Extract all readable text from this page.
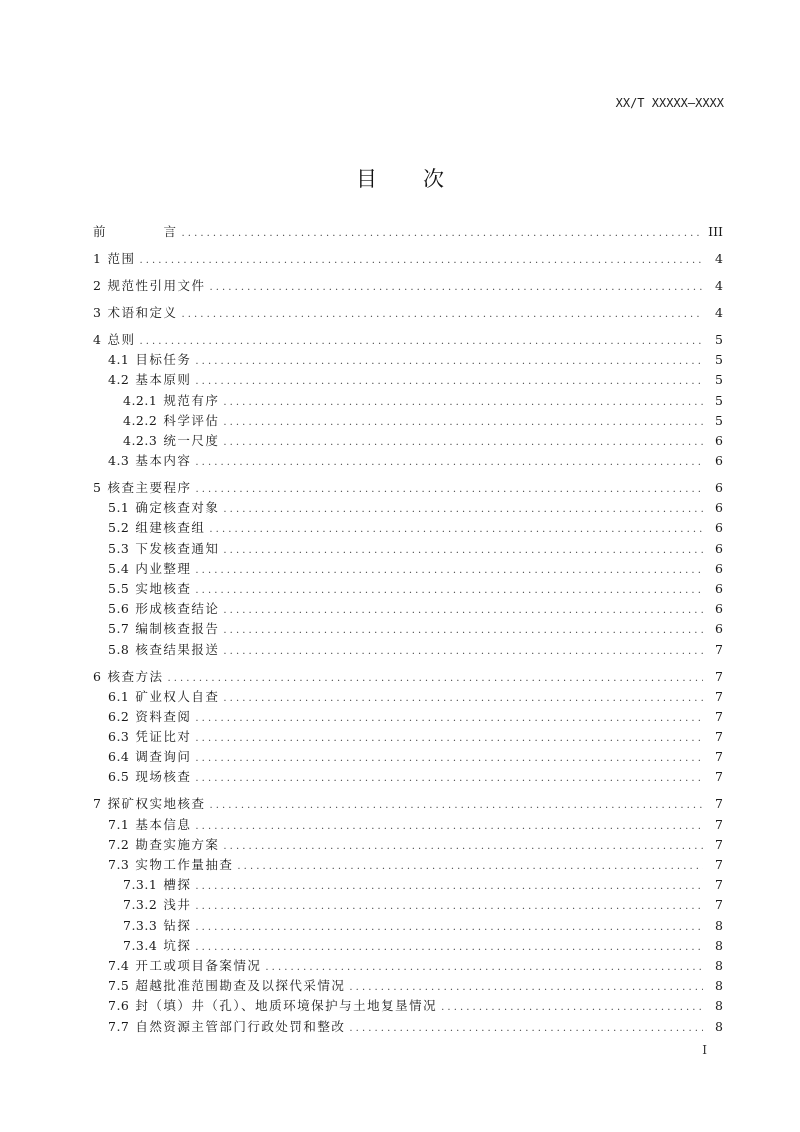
XX/T XXXXX—XXXX
目 次
前	言 .....	III
1 范围 .....	4
2 规范性引用文件 .....	4
3 术语和定义 .....	4
4 总则 .....	5
4.1 目标任务 .....	5
4.2 基本原则 .....	5
4.2.1 规范有序 .....	5
4.2.2 科学评估 .....	5
4.2.3 统一尺度 .....	6
4.3 基本内容 .....	6
5 核查主要程序 .....	6
5.1 确定核查对象 .....	6
5.2 组建核查组 .....	6
5.3 下发核查通知 .....	6
5.4 内业整理 .....	6
5.5 实地核查 .....	6
5.6 形成核查结论 .....	6
5.7 编制核查报告 .....	6
5.8 核查结果报送 .....	7
6 核查方法 .....	7
6.1 矿业权人自查 .....	7
6.2 资料查阅 .....	7
6.3 凭证比对 .....	7
6.4 调查询问 .....	7
6.5 现场核查 .....	7
7 探矿权实地核查 .....	7
7.1 基本信息 .....	7
7.2 勘查实施方案 .....	7
7.3 实物工作量抽查 .....	7
7.3.1 槽探 .....	7
7.3.2 浅井 .....	7
7.3.3 钻探 .....	8
7.3.4 坑探 .....	8
7.4 开工或项目备案情况 .....	8
7.5 超越批准范围勘查及以探代采情况 .....	8
7.6 封（填）井（孔）、地质环境保护与土地复垦情况 .....	8
7.7 自然资源主管部门行政处罚和整改 .....	8
I
